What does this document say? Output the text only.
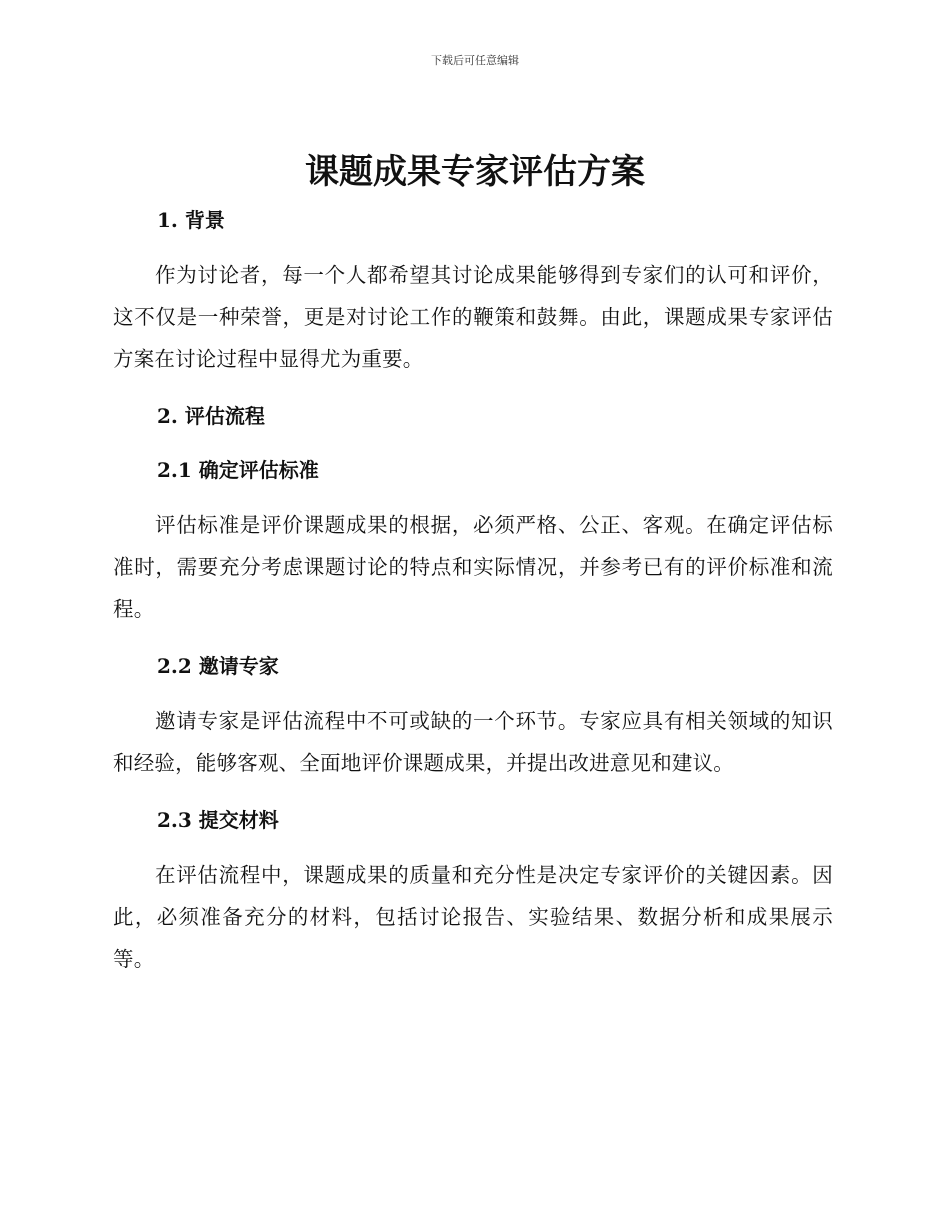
下载后可任意编辑
课题成果专家评估方案
1. 背景

作为讨论者，每一个人都希望其讨论成果能够得到专家们的认可和评价，这不仅是一种荣誉，更是对讨论工作的鞭策和鼓舞。由此，课题成果专家评估方案在讨论过程中显得尤为重要。

2. 评估流程
2.1 确定评估标准

评估标准是评价课题成果的根据，必须严格、公正、客观。在确定评估标准时，需要充分考虑课题讨论的特点和实际情况，并参考已有的评价标准和流程。

2.2 邀请专家

邀请专家是评估流程中不可或缺的一个环节。专家应具有相关领域的知识和经验，能够客观、全面地评价课题成果，并提出改进意见和建议。

2.3 提交材料

在评估流程中，课题成果的质量和充分性是决定专家评价的关键因素。因此，必须准备充分的材料，包括讨论报告、实验结果、数据分析和成果展示等。
